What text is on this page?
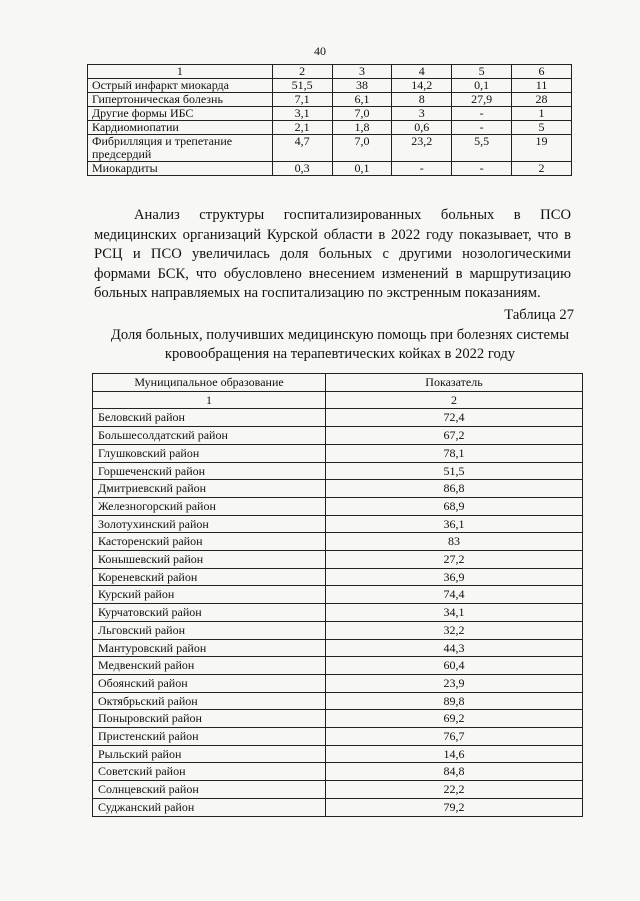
40
1	2	3	4	5	6
Острый инфаркт миокарда	51,5	38	14,2	0,1	11
Гипертоническая болезнь	7,1	6,1	8	27,9	28
Другие формы ИБС	3,1	7,0	3	-	1
Кардиомиопатии	2,1	1,8	0,6	-	5
Фибрилляция и трепетание предсердий	4,7	7,0	23,2	5,5	19
Миокардиты	0,3	0,1	-	-	2
Анализ структуры госпитализированных больных в ПСО медицинских организаций Курской области в 2022 году показывает, что в РСЦ и ПСО увеличилась доля больных с другими нозологическими формами БСК, что обусловлено внесением изменений в маршрутизацию больных направляемых на госпитализацию по экстренным показаниям.
Таблица 27
Доля больных, получивших медицинскую помощь при болезнях системы кровообращения на терапевтических койках в 2022 году
Муниципальное образование	Показатель
1	2
Беловский район	72,4
Большесолдатский район	67,2
Глушковский район	78,1
Горшеченский район	51,5
Дмитриевский район	86,8
Железногорский район	68,9
Золотухинский район	36,1
Касторенский район	83
Конышевский район	27,2
Кореневский район	36,9
Курский район	74,4
Курчатовский район	34,1
Льговский район	32,2
Мантуровский район	44,3
Медвенский район	60,4
Обоянский район	23,9
Октябрьский район	89,8
Поныровский район	69,2
Пристенский район	76,7
Рыльский район	14,6
Советский район	84,8
Солнцевский район	22,2
Суджанский район	79,2
